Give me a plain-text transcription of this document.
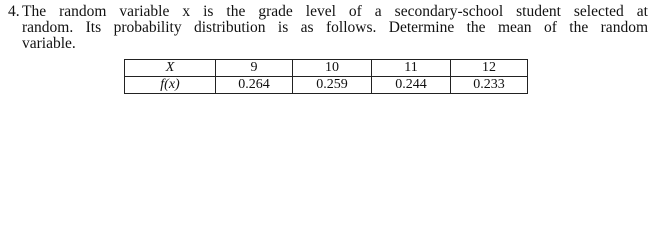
4. The random variable x is the grade level of a secondary-school student selected at
random. Its probability distribution is as follows. Determine the mean of the random
variable.
X	9	10	11	12
f(x)	0.264	0.259	0.244	0.233
